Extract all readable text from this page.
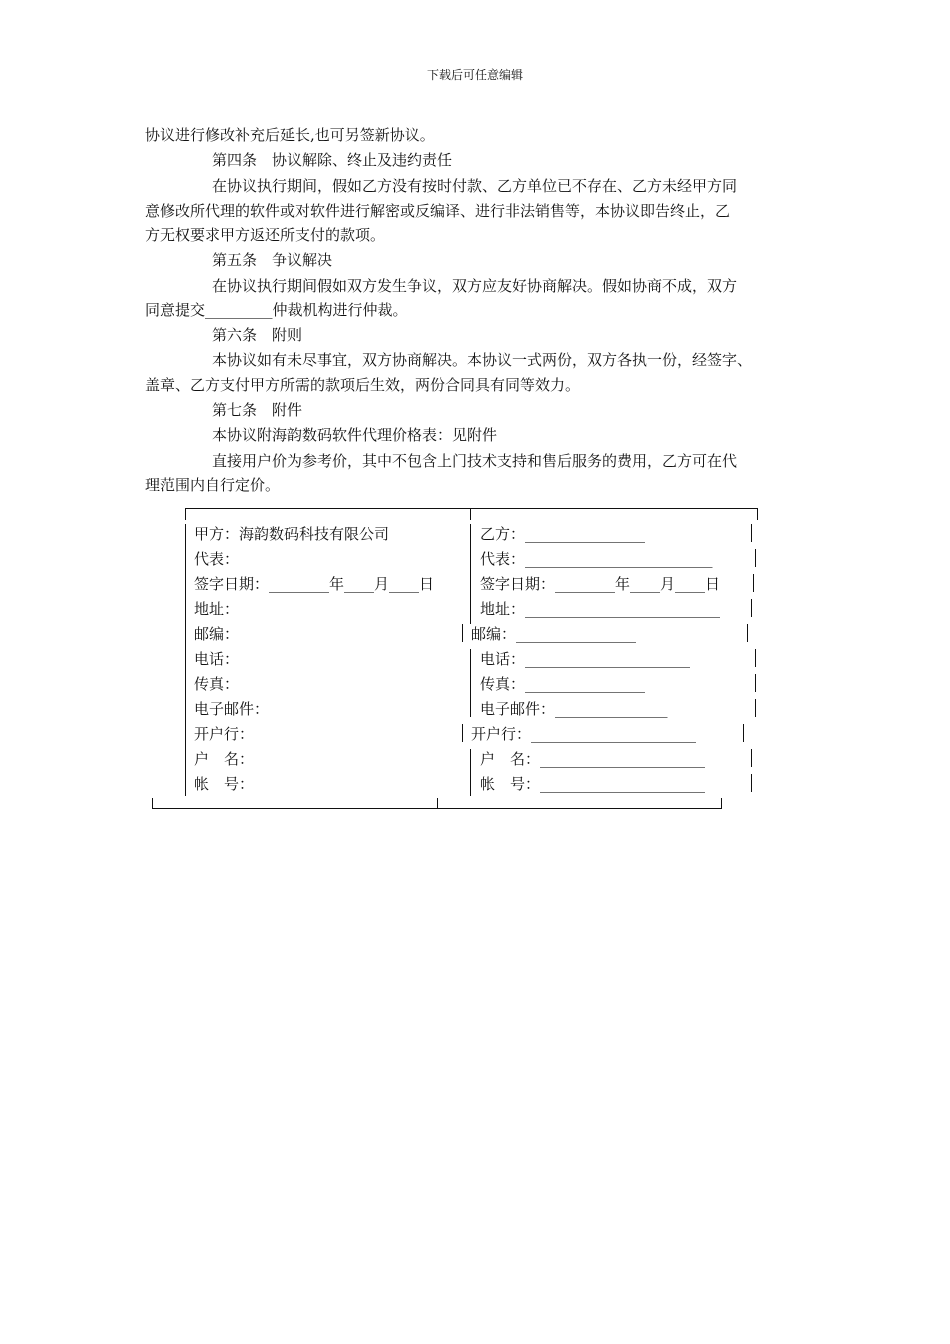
下载后可任意编辑
协议进行修改补充后延长,也可另签新协议。
第四条　协议解除、终止及违约责任
在协议执行期间，假如乙方没有按时付款、乙方单位已不存在、乙方未经甲方同
意修改所代理的软件或对软件进行解密或反编译、进行非法销售等，本协议即告终止，乙
方无权要求甲方返还所支付的款项。
第五条　争议解决
在协议执行期间假如双方发生争议，双方应友好协商解决。假如协商不成，双方
同意提交_________仲裁机构进行仲裁。
第六条　附则
本协议如有未尽事宜，双方协商解决。本协议一式两份，双方各执一份，经签字、
盖章、乙方支付甲方所需的款项后生效，两份合同具有同等效力。
第七条　附件
本协议附海韵数码软件代理价格表：见附件
直接用户价为参考价，其中不包含上门技术支持和售后服务的费用，乙方可在代
理范围内自行定价。
甲方：海韵数码科技有限公司
代表：
签字日期：________年____月____日
地址：
邮编：
电话：
传真：
电子邮件：
开户行：
户　名：
帐　号：
乙方：________________
代表：_________________________
签字日期：________年____月____日
地址：__________________________
邮编：________________
电话：______________________
传真：________________
电子邮件：_______________
开户行：______________________
户　名：______________________
帐　号：______________________
